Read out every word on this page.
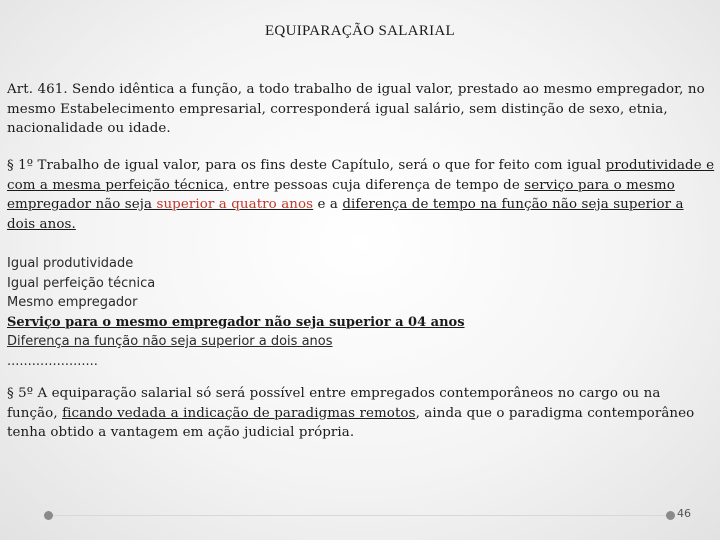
EQUIPARAÇÃO SALARIAL
Art. 461. Sendo idêntica a função, a todo trabalho de igual valor, prestado ao mesmo empregador, no mesmo Estabelecimento empresarial, corresponderá igual salário, sem distinção de sexo, etnia, nacionalidade ou idade.
§ 1º Trabalho de igual valor, para os fins deste Capítulo, será o que for feito com igual produtividade e com a mesma perfeição técnica, entre pessoas cuja diferença de tempo de serviço para o mesmo empregador não seja superior a quatro anos e a diferença de tempo na função não seja superior a dois anos.
Igual produtividade
Igual perfeição técnica
Mesmo empregador
Serviço para o mesmo empregador não seja superior a 04 anos
Diferença na função não seja superior a dois anos
......................
§ 5º A equiparação salarial só será possível entre empregados contemporâneos no cargo ou na função, ficando vedada a indicação de paradigmas remotos, ainda que o paradigma contemporâneo tenha obtido a vantagem em ação judicial própria.
46
